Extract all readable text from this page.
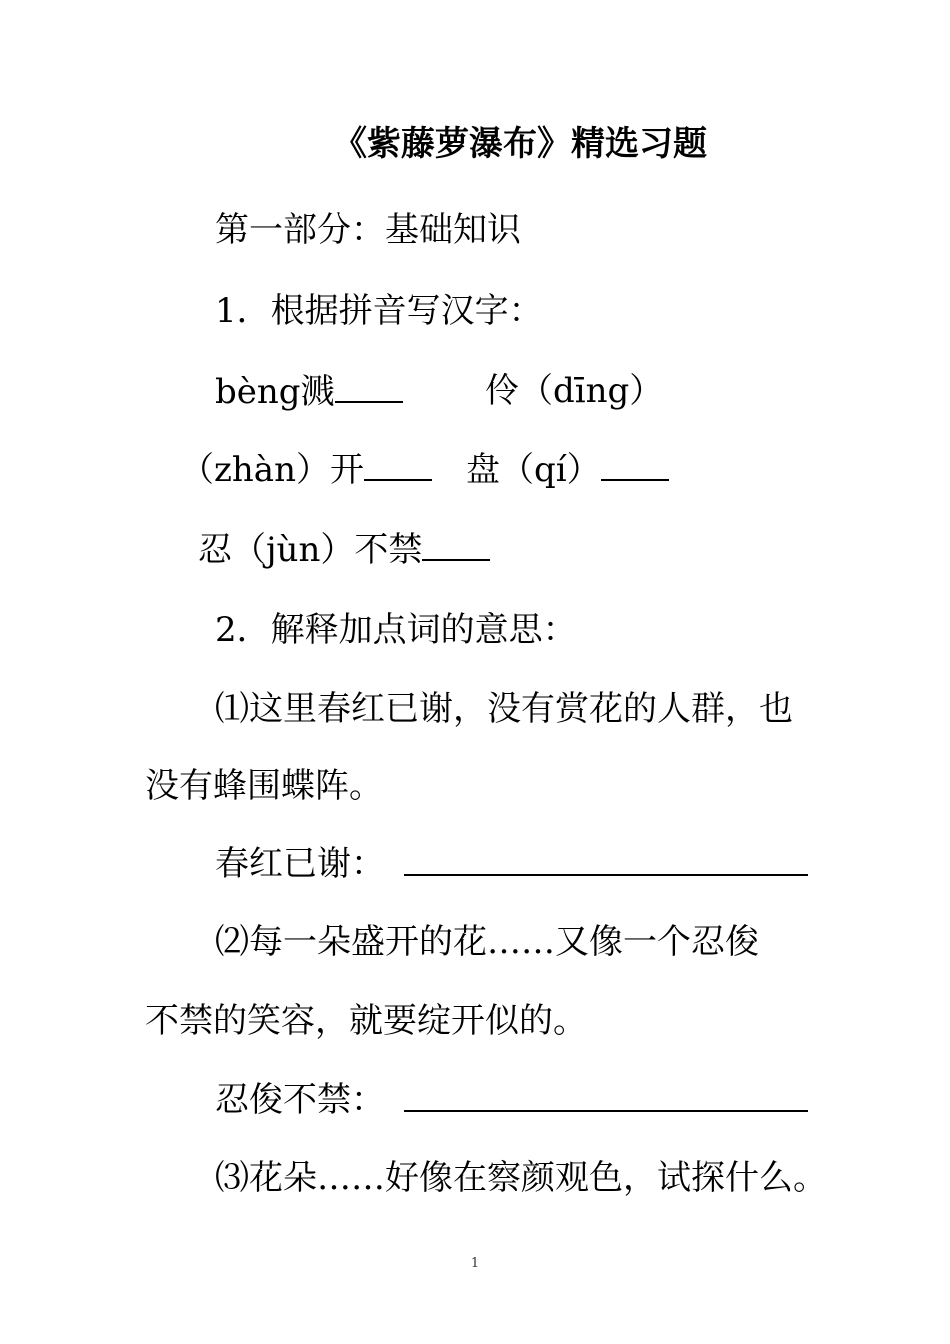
《紫藤萝瀑布》精选习题
第一部分：基础知识
1．根据拼音写汉字：
bèng溅	伶（dīng）
（zhàn）开	盘（qí）
忍（jùn）不禁
2．解释加点词的意思：
⑴这里春红已谢，没有赏花的人群，也
没有蜂围蝶阵。
春红已谢：
⑵每一朵盛开的花……又像一个忍俊
不禁的笑容，就要绽开似的。
忍俊不禁：
⑶花朵……好像在察颜观色，试探什么。
1
